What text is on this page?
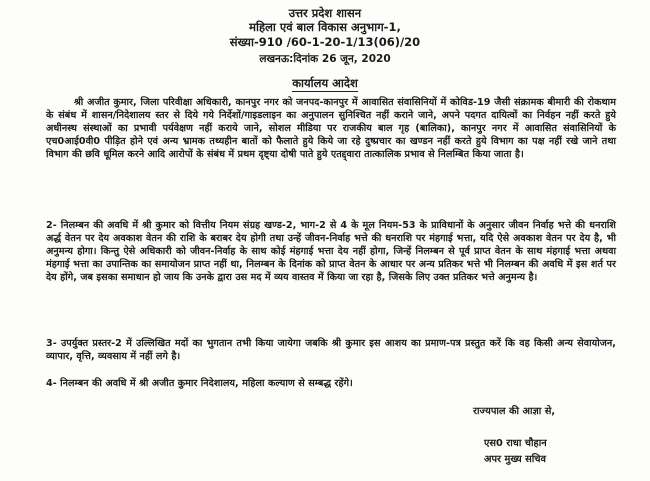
उत्तर प्रदेश शासन
महिला एवं बाल विकास अनुभाग-1,
संख्या-910 /60-1-20-1/13(06)/20
लखनऊ:दिनांक 26 जून, 2020
कार्यालय आदेश

श्री अजीत कुमार, जिला परिवीक्षा अधिकारी, कानपुर नगर को जनपद-कानपुर में आवासित संवासिनियों में कोविड-19 जैसी संक्रामक बीमारी की रोकथाम के संबंध में शासन/निदेशालय स्तर से दिये गये निर्देशों/गाइडलाइन का अनुपालन सुनिश्चित नहीं कराने जाने, अपने पदगत दायित्वों का निर्वहन नहीं करते हुये अधीनस्थ संस्थाओं का प्रभावी पर्यवेक्षण नहीं कराये जाने, सोशल मीडिया पर राजकीय बाल गृह (बालिका), कानपुर नगर में आवासित संवासिनियों के एच0आई0वी0 पीड़ित होने एवं अन्य भ्रामक तथ्यहीन बातों को फैलाते हुये किये जा रहे दुष्प्रचार का खण्डन नहीं करते हुये विभाग का पक्ष नहीं रखे जाने तथा विभाग की छवि धूमिल करने आदि आरोपों के संबंध में प्रथम दृष्ट्या दोषी पाते हुये एतद्द्वारा तात्कालिक प्रभाव से निलम्बित किया जाता है।

2- निलम्बन की अवधि में श्री कुमार को वित्तीय नियम संग्रह खण्ड-2, भाग-2 से 4 के मूल नियम-53 के प्राविधानों के अनुसार जीवन निर्वाह भत्ते की धनराशि अर्द्ध वेतन पर देय अवकाश वेतन की राशि के बराबर देय होगी तथा उन्हें जीवन-निर्वाह भत्ते की धनराशि पर मंहगाई भत्ता, यदि ऐसे अवकाश वेतन पर देय है, भी अनुमन्य होगा। किन्तु ऐसे अधिकारी को जीवन-निर्वाह के साथ कोई मंहगाई भत्ता देय नहीं होगा, जिन्हें निलम्बन से पूर्व प्राप्त वेतन के साथ मंहगाई भत्ता अथवा मंहगाई भत्ता का उपान्तिक का समायोजन प्राप्त नहीं था, निलम्बन के दिनांक को प्राप्त वेतन के आधार पर अन्य प्रतिकर भत्ते भी निलम्बन की अवधि में इस शर्त पर देय होंगे, जब इसका समाधान हो जाय कि उनके द्वारा उस मद में व्यय वास्तव में किया जा रहा है, जिसके लिए उक्त प्रतिकर भत्ते अनुमन्य है।

3- उपर्युक्त प्रस्तर-2 में उल्लिखित मदों का भुगतान तभी किया जायेगा जबकि श्री कुमार इस आशय का प्रमाण-पत्र प्रस्तुत करें कि वह किसी अन्य सेवायोजन, व्यापार, वृत्ति, व्यवसाय में नहीं लगे है।

4- निलम्बन की अवधि में श्री अजीत कुमार निदेशालय, महिला कल्याण से सम्बद्ध रहेंगे।

राज्यपाल की आज्ञा से,
एस0 राधा चौहान
अपर मुख्य सचिव
